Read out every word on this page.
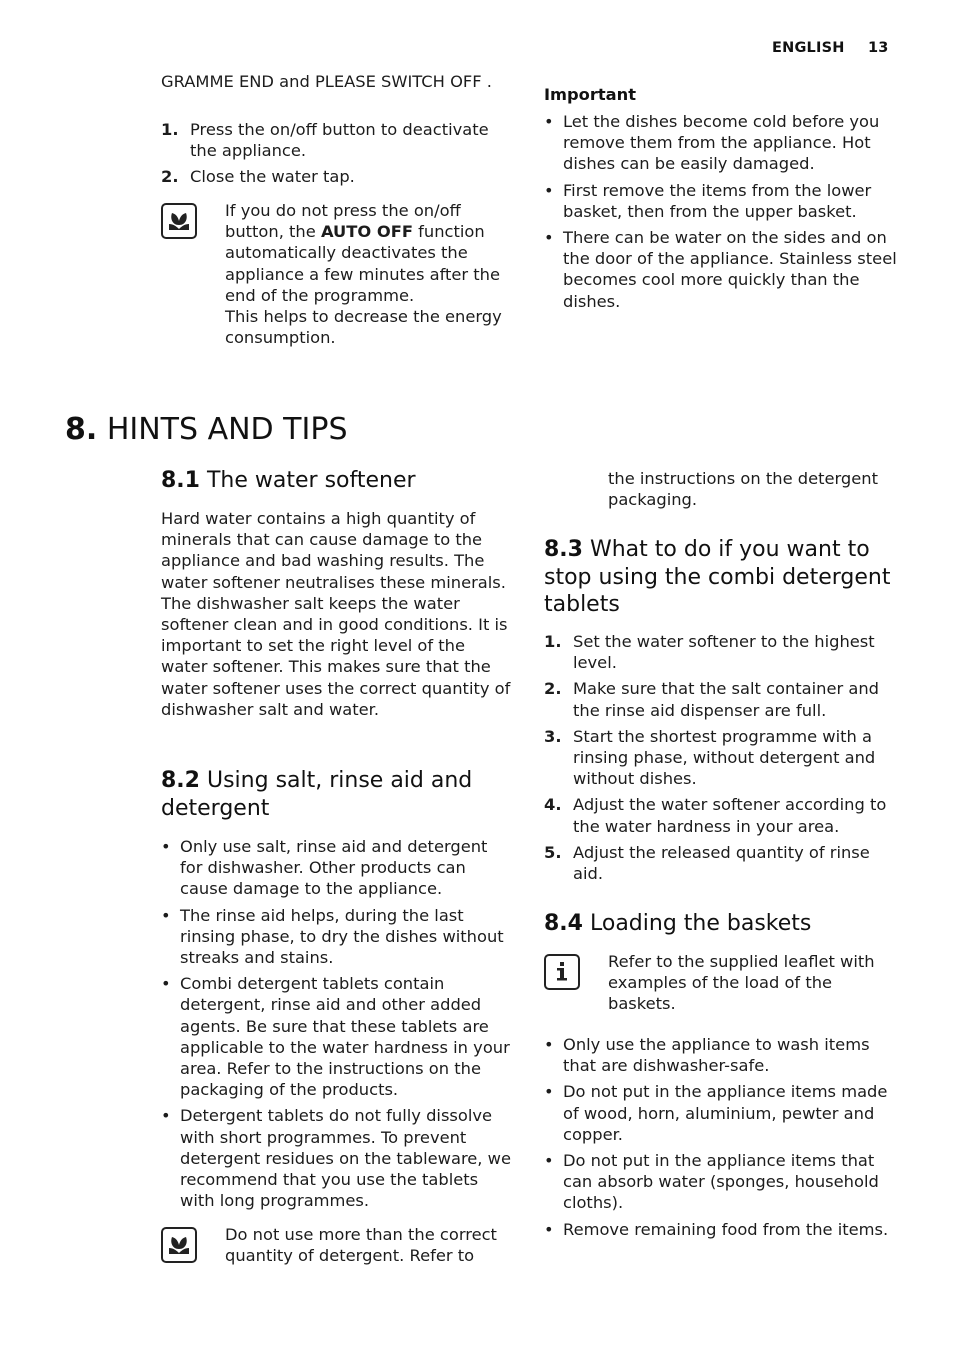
ENGLISH 13
GRAMME END and PLEASE SWITCH OFF .
1. Press the on/off button to deactivate the appliance.
2. Close the water tap.
If you do not press the on/off button, the AUTO OFF function automatically deactivates the appliance a few minutes after the end of the programme.
This helps to decrease the energy consumption.
Important
• Let the dishes become cold before you remove them from the appliance. Hot dishes can be easily damaged.
• First remove the items from the lower basket, then from the upper basket.
• There can be water on the sides and on the door of the appliance. Stainless steel becomes cool more quickly than the dishes.
8. HINTS AND TIPS
8.1 The water softener
Hard water contains a high quantity of minerals that can cause damage to the appliance and bad washing results. The water softener neutralises these minerals.
The dishwasher salt keeps the water softener clean and in good conditions. It is important to set the right level of the water softener. This makes sure that the water softener uses the correct quantity of dishwasher salt and water.
8.2 Using salt, rinse aid and detergent
• Only use salt, rinse aid and detergent for dishwasher. Other products can cause damage to the appliance.
• The rinse aid helps, during the last rinsing phase, to dry the dishes without streaks and stains.
• Combi detergent tablets contain detergent, rinse aid and other added agents. Be sure that these tablets are applicable to the water hardness in your area. Refer to the instructions on the packaging of the products.
• Detergent tablets do not fully dissolve with short programmes. To prevent detergent residues on the tableware, we recommend that you use the tablets with long programmes.
Do not use more than the correct quantity of detergent. Refer to
the instructions on the detergent packaging.
8.3 What to do if you want to stop using the combi detergent tablets
1. Set the water softener to the highest level.
2. Make sure that the salt container and the rinse aid dispenser are full.
3. Start the shortest programme with a rinsing phase, without detergent and without dishes.
4. Adjust the water softener according to the water hardness in your area.
5. Adjust the released quantity of rinse aid.
8.4 Loading the baskets
Refer to the supplied leaflet with examples of the load of the baskets.
• Only use the appliance to wash items that are dishwasher-safe.
• Do not put in the appliance items made of wood, horn, aluminium, pewter and copper.
• Do not put in the appliance items that can absorb water (sponges, household cloths).
• Remove remaining food from the items.
